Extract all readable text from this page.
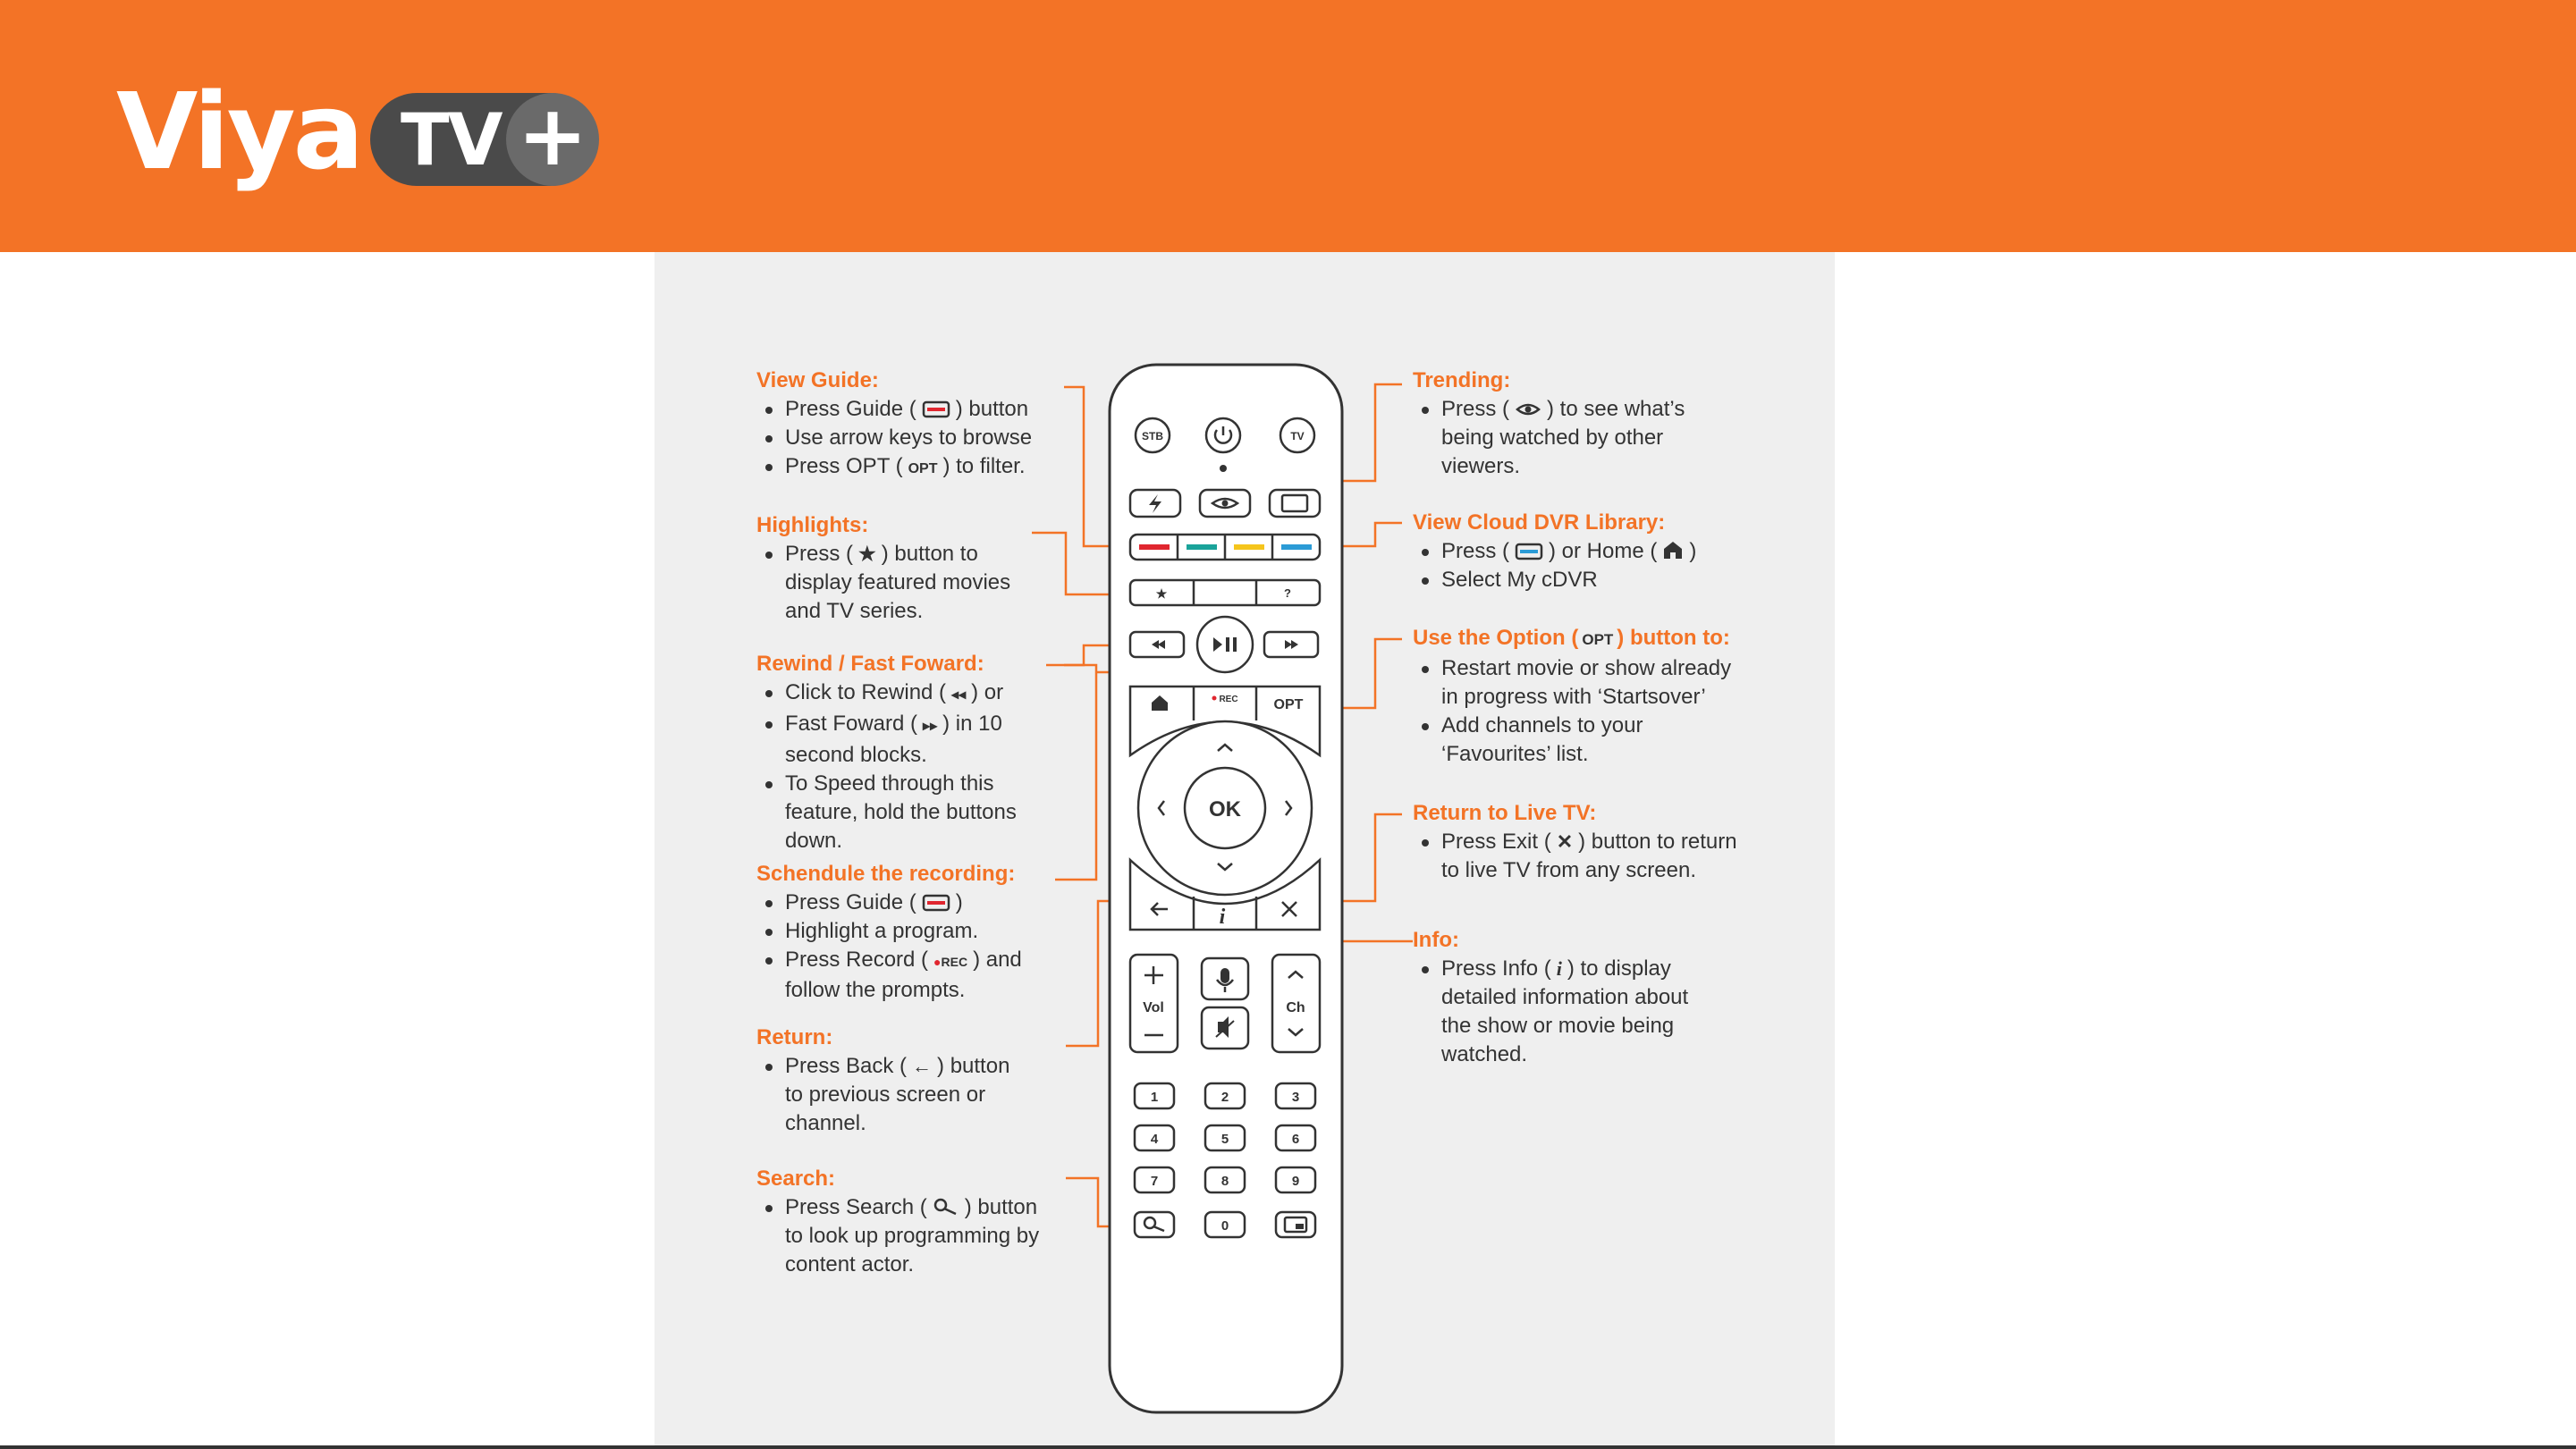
Viya TV +
View Guide:
Press Guide ( ) button
Use arrow keys to browse
Press OPT ( OPT ) to filter.
Highlights:
Press ( ★ ) button to
display featured movies
and TV series.
Rewind / Fast Foward:
Click to Rewind ( ◂◂ ) or
Fast Foward ( ▸▸ ) in 10
second blocks.
To Speed through this
feature, hold the buttons
down.
Schendule the recording:
Press Guide ( )
Highlight a program.
Press Record ( ●REC ) and
follow the prompts.
Return:
Press Back ( ← ) button
to previous screen or
channel.
Search:
Press Search ( ) button
to look up programming by
content actor.
Trending:
Press ( ) to see what’s
being watched by other
viewers.
View Cloud DVR Library:
Press ( ) or Home ( )
Select My cDVR
Use the Option ( OPT ) button to:
Restart movie or show already
in progress with ‘Startsover’
Add channels to your
‘Favourites’ list.
Return to Live TV:
Press Exit ( ✕ ) button to return
to live TV from any screen.
Info:
Press Info ( i ) to display
detailed information about
the show or movie being
watched.
STB	TV
★	?
REC OPT
OK
i
Vol	Ch
1	2	3
4	5	6
7	8	9
0
